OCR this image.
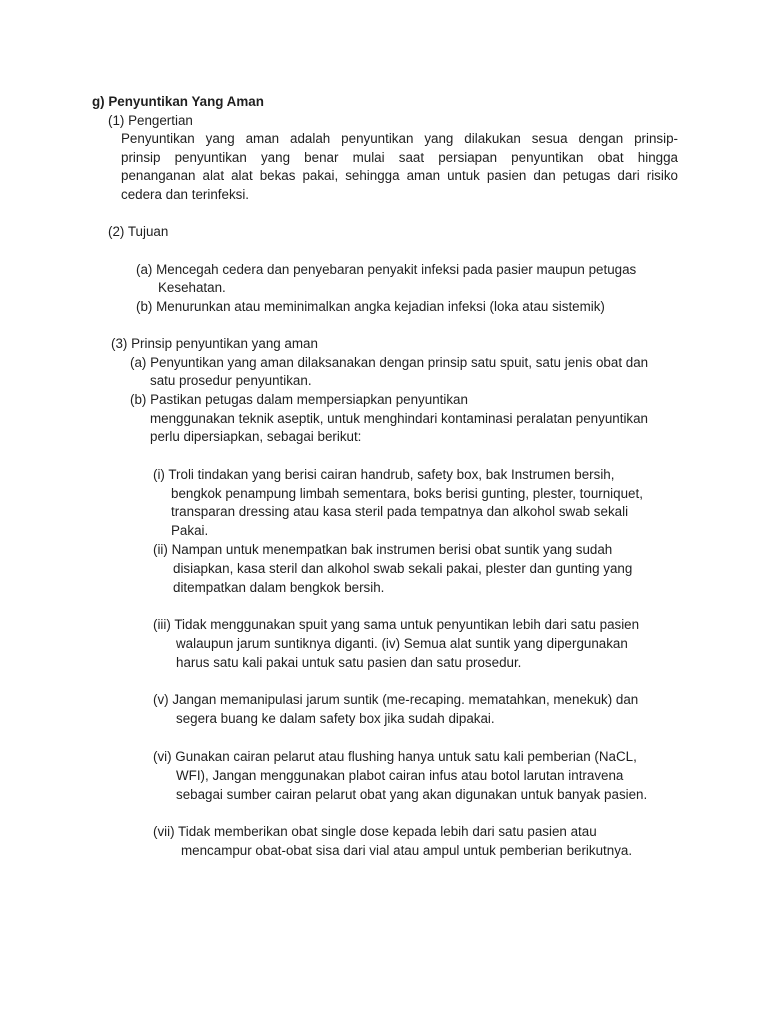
g) Penyuntikan Yang Aman
(1) Pengertian
Penyuntikan yang aman adalah penyuntikan yang dilakukan sesua dengan prinsip-
prinsip penyuntikan yang benar mulai saat persiapan penyuntikan obat hingga
penanganan alat alat bekas pakai, sehingga aman untuk pasien dan petugas dari risiko
cedera dan terinfeksi.
(2) Tujuan
(a) Mencegah cedera dan penyebaran penyakit infeksi pada pasier maupun petugas
Kesehatan.
(b) Menurunkan atau meminimalkan angka kejadian infeksi (loka atau sistemik)
(3) Prinsip penyuntikan yang aman
(a) Penyuntikan yang aman dilaksanakan dengan prinsip satu spuit, satu jenis obat dan
satu prosedur penyuntikan.
(b) Pastikan petugas dalam mempersiapkan penyuntikan
menggunakan teknik aseptik, untuk menghindari kontaminasi peralatan penyuntikan
perlu dipersiapkan, sebagai berikut:
(i) Troli tindakan yang berisi cairan handrub, safety box, bak Instrumen bersih,
bengkok penampung limbah sementara, boks berisi gunting, plester, tourniquet,
transparan dressing atau kasa steril pada tempatnya dan alkohol swab sekali
Pakai.
(ii) Nampan untuk menempatkan bak instrumen berisi obat suntik yang sudah
disiapkan, kasa steril dan alkohol swab sekali pakai, plester dan gunting yang
ditempatkan dalam bengkok bersih.
(iii) Tidak menggunakan spuit yang sama untuk penyuntikan lebih dari satu pasien
walaupun jarum suntiknya diganti. (iv) Semua alat suntik yang dipergunakan
harus satu kali pakai untuk satu pasien dan satu prosedur.
(v) Jangan memanipulasi jarum suntik (me-recaping. mematahkan, menekuk) dan
segera buang ke dalam safety box jika sudah dipakai.
(vi) Gunakan cairan pelarut atau flushing hanya untuk satu kali pemberian (NaCL,
WFI), Jangan menggunakan plabot cairan infus atau botol larutan intravena
sebagai sumber cairan pelarut obat yang akan digunakan untuk banyak pasien.
(vii) Tidak memberikan obat single dose kepada lebih dari satu pasien atau
mencampur obat-obat sisa dari vial atau ampul untuk pemberian berikutnya.
